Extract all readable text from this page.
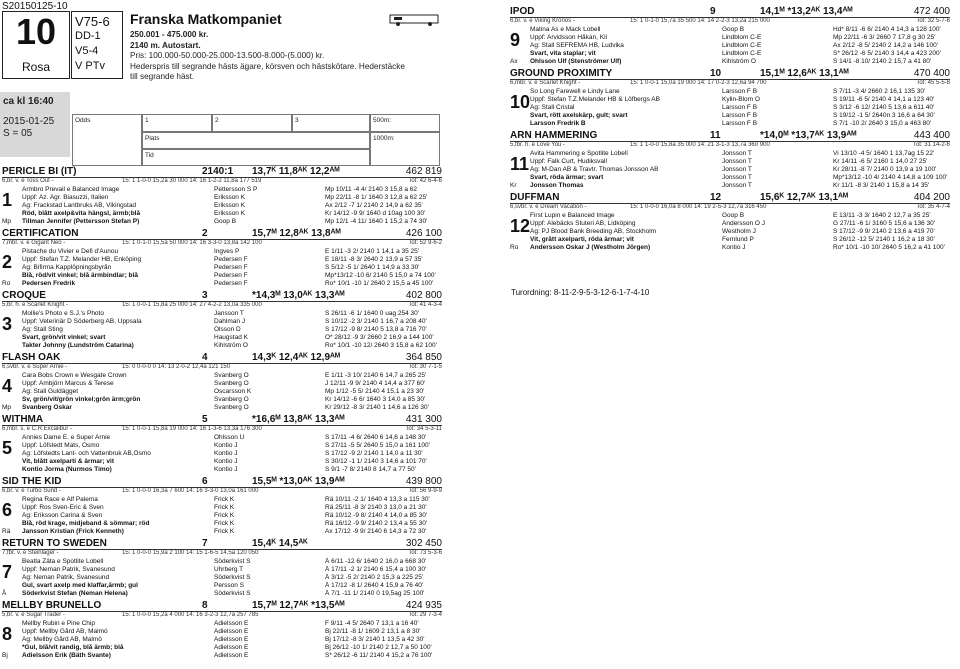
S20150125-10
10
Rosa
V75-6
DD-1
V5-4
V PTv
Franska Matkompaniet
250.001 - 475.000 kr.
2140 m. Autostart.
Pris: 100.000-50.000-25.000-13.500-8.000-(5.000) kr.
Hederspris till segrande hästs ägare, körsven och hästskötare. Hederstäcke
till segrande häst.
ca kl 16:40
2015-01-25
S = 05
Odds	1	2	3	500m:
Plats	1000m:
Tid
PERICLE BI (IT)	2140:1 13,7ᴷ 11,8ᴬᴷ 12,2ᴬᴹ	462 819
6,br. v. e Toss Out -	15: 1 1-0-0 15,2a 30 000 14: 16 1-2-2 11,8a 177 519	Tot: 42 6-4-6
1
Armbro Prevail e Balanced Image	Pettersson S P	Mp 10/11 -4 4/ 2140 3 15,8 a 62
Uppf: Az. Agr. Biasuzzi, Italien	Eriksson K	Mp 22/11 -8 1/ 1640 3 12,8 a 62 25'
Äg: Frackstad Lantbruks AB, Vikingstad	Eriksson K	Ax 2/12 -7 1/ 2140 2 14,9 a 62 35'
Röd, blått axelp&vita hängsl, ärmb;blå	Eriksson K	Kr 14/12 -9 9/ 1640 d 10ag 100 30'
Mp	Tillman Jennifer (Pettersson Stefan P)	Goop B	Mp 12/1 -4 11/ 1640 1 15,2 a 74 30'
CERTIFICATION	2	15,7ᴹ 12,8ᴬᴷ 13,8ᴬᴹ	426 100
7,mbr. v. e Gigant Neo -	15: 1 0-1-0 15,5a 50 000 14: 16 3-3-0 13,8a 142 100	Tot: 52 9-6-2
2
Pistache du Vivier e Defi d'Aunou	Ingves P	E 1/11 -3 2/ 2140 1 14,1 a 35 25'
Uppf: Stefan T.Z. Melander HB, Enköping	Pedersen F	E 18/11 -8 3/ 2640 2 13,9 a 57 35'
Äg: Bifirma Kapplöpningsbyrån	Pedersen F	S 5/12 -5 1/ 2640 1 14,9 a 33 30'
Blå, röd/vit vinkel; blå ärmbindlar; blå	Pedersen F	Mp*13/12 -10 6/ 2140 5 15,0 a 74 100'
Ro	Pedersen Fredrik	Pedersen F	Ro* 10/1 -10 1/ 2640 2 15,5 a 45 100'
CROQUE	3	*14,3ᴹ 13,0ᴬᴷ 13,3ᴬᴹ	402 800
5,br. h. e Scarlet Knight -	15: 1 0-0-1 15,8a 25 000 14: 27 4-2-2 13,0a 335 000	Tot: 41 4-3-4
3
Mollie's Photo e S.J.'s Photo	Jansson T	S 26/11 -6 1/ 1640 0 uag 254 30'
Uppf: Veterinär D Söderberg AB, Uppsala	Dahlman J	S 10/12 -2 3/ 2140 1 16,7 a 208 40'
Äg: Stall Sting	Olsson D	S 17/12 -9 8/ 2140 5 13,8 a 716 70'
Svart, grön/vit vinkel; svart	Haugstad K	Ö* 28/12 -9 3/ 2660 2 16,9 a 144 100'
Takter Johnny (Lundström Catarina)	Kihlström Ö	Ro* 10/1 -10 12/ 2640 3 15,8 a 62 100'
FLASH OAK	4	14,3ᴷ 12,4ᴬᴷ 12,9ᴬᴹ	364 850
6,svbr. v. e Super Arnie -	15: 0 0-0-0 0 14: 13 2-0-2 12,4a 121 150	Tot: 30 7-1-5
4
Cara Bobs Crown e Wesgate Crown	Svanberg O	E 1/11 -3 10/ 2140 6 14,7 a 265 25'
Uppf: Ambjörn Marcus & Terese	Svanberg O	J 12/11 -9 9/ 2140 4 14,4 a 377 60'
Äg: Stall Guldägget	Oscarsson K	Mp 1/12 -5 5/ 2140 4 15,1 a 23 30'
Sv, grön/vit/grön vinkel;grön ärm;grön	Svanberg O	Kr 14/12 -6 6/ 1640 3 14,0 a 85 30'
Mp	Svanberg Oskar	Svanberg O	Kr 29/12 -8 3/ 2140 1 14,6 a 126 30'
WITHMA	5	*16,6ᴹ 13,8ᴬᴷ 13,3ᴬᴹ	431 300
6,mbr. s. e C.R.Excalibur -	15: 1 0-0-1 15,8a 19 000 14: 16 1-3-6 13,3a 176 300	Tot: 34 5-3-11
5
Annies Dame E. e Super Arnie	Ohlsson U	S 17/11 -4 6/ 2640 6 14,6 a 148 30'
Uppf: Löfstedt Mats, Osmo	Kontio J	S 27/11 -5 5/ 2640 5 15,0 a 161 100'
Äg: Löfstedts Lant- och Vattenbruk AB,Ösmo	Kontio J	S 17/12 -9 2/ 2140 1 14,0 a 11 30'
Vit, blått axelparti & ärmar; vit	Kontio J	S 30/12 -1 1/ 2140 3 14,6 a 101 70'
Kontio Jorma (Nurmos Timo)	Kontio J	S 9/1 -7 8/ 2140 8 14,7 a 77 50'
SID THE KID	6	15,5ᴹ *13,0ᴬᴷ 13,9ᴬᴹ	439 800
6,br. v. e Turbo Sund -	15: 1 0-0-0 16,3a 7 600 14: 16 3-3-0 13,0a 161 000	Tot: 56 9-9-9
6
Regina Race e Alf Palema	Frick K	Rä 10/11 -2 1/ 1640 4 13,3 a 115 30'
Uppf: Ros Sven-Eric & Sven	Frick K	Rä 25/11 -8 3/ 2140 3 13,0 a 21 30'
Äg: Eriksson Carina & Sven	Frick K	Rä 10/12 -9 8/ 2140 4 14,0 a 85 30'
Blå, röd krage, midjeband & sömmar; röd	Frick K	Rä 16/12 -9 9/ 2140 2 13,4 a 55 30'
Rä	Jansson Kristian (Frick Kenneth)	Frick K	Ax 17/12 -9 9/ 2140 6 14,3 a 72 30'
RETURN TO SWEDEN	7	15,4ᴷ 14,5ᴬᴷ	302 450
7,fbr. v. e Steinlager -	15: 1 0-0-0 15,9a 2 100 14: 15 1-6-5 14,5a 120 050	Tot: 73 5-3-6
7
Beatla Zäta e Spotlite Lobell	Söderkvist S	Å 6/11 -12 6/ 1640 2 16,0 a 668 30'
Uppf: Neman Patrik, Svanesund	Uhrberg T	Å 17/11 -2 1/ 2140 6 15,4 a 100 30'
Äg: Neman Patrik, Svanesund	Söderkvist S	Å 3/12 -5 2/ 2140 2 15,3 a 225 25'
Gul, svart axelp med klaffar,ärmb; gul	Persson S	Å 17/12 -8 1/ 2640 4 15,9 a 76 40'
Å	Söderkvist Stefan (Neman Helena)	Söderkvist S	Å 7/1 -11 1/ 2140 0 19,5ag 25 100'
MELLBY BRUNELLO	8	15,7ᴹ 12,7ᴬᴷ *13,5ᴬᴹ	424 935
5,br. v. e Sugar Trader -	15: 1 0-0-0 15,2a 4 000 14: 16 3-2-3 12,7a 257 785	Tot: 29 7-3-4
8
Mellby Rubin e Pine Chip	Adielsson E	F 9/11 -4 5/ 2640 7 13,1 a 16 40'
Uppf: Mellby Gård AB, Malmö	Adielsson E	Bj 22/11 -8 1/ 1609 2 13,1 a 8 30'
Äg: Mellby Gård AB, Malmö	Adielsson E	Bj 17/12 -8 3/ 2140 1 13,5 a 42 30'
*Gul, blå/vit randig, blå ärmb; blå	Adielsson E	Bj 26/12 -10 1/ 2140 2 12,7 a 50 100'
Bj	Adielsson Erik (Bäth Svante)	Adielsson E	S* 26/12 -6 11/ 2140 4 15,2 a 76 100'
IPOD	9	14,1ᴹ *13,2ᴬᴷ 13,4ᴬᴹ	472 400
6,br. v. e Viking Kronos -	15: 1 0-1-0 15,7a 35 500 14: 14 2-2-3 13,2a 215 000	Tot: 32 5-7-6
9
Matina As e Mack Lobell	Goop B	Hd* 8/11 -6 6/ 2140 4 14,3 a 128 100'
Uppf: Arvidsson Håkan, Kil	Lindblom C-E	Mp 22/11 -6 3/ 2660 7 17,8 g 30 25'
Äg: Stall SEFREMA HB, Ludvika	Lindblom C-E	Ax 2/12 -8 5/ 2140 2 14,2 a 146 100'
Svart, vita staplar; vit	Lindblom C-E	S* 26/12 -6 5/ 2140 3 14,4 a 423 200'
Ax	Ohlsson Ulf (Stenströmer Ulf)	Kihlström Ö	S 14/1 -8 10/ 2140 2 15,7 a 41 80'
GROUND PROXIMITY	10	15,1ᴹ 12,6ᴬᴷ 13,1ᴬᴹ	470 400
6,mbr. v. e Scarlet Knight -	15: 1 0-0-1 15,0a 19 000 14: 17 0-2-3 12,6a 94 700	Tot: 45 5-5-8
10
So Long Farewell e Lindy Lane	Larsson F B	S 7/11 -3 4/ 2660 2 16,1 135 30'
Uppf: Stefan T.Z.Melander HB & Löfbergs AB	Kylin-Blom O	S 19/11 -6 5/ 2140 4 14,1 a 123 40'
Äg: Stall Cristal	Larsson F B	S 3/12 -6 12/ 2140 5 13,6 a 611 40'
Svart, rött axelskärp, gult; svart	Larsson F B	S 19/12 -1 5/ 2640n 3 16,6 a 64 30'
Larsson Fredrik B	Larsson F B	S 7/1 -10 2/ 2640 3 15,0 a 463 80'
ARN HAMMERING	11	*14,0ᴹ *13,7ᴬᴷ 13,9ᴬᴹ	443 400
5,fbr. h. e Love You -	15: 1 1-0-0 15,8a 35 000 14: 21 3-1-3 13,7a 360 900	Tot: 31 14-2-6
11
Avita Hammering e Spotlite Lobell	Jonsson T	Vi 13/10 -4 5/ 1640 1 13,7ag 15 22'
Uppf: Falk Curt, Hudiksvall	Jonsson T	Kr 14/11 -6 5/ 2160 1 14,0 27 25'
Äg: M-Dan AB & Travtr. Thomas Jonsson AB	Jonsson T	Kr 28/11 -8 7/ 2140 0 13,9 a 19 100'
Svart, röda ärmar; svart	Jonsson T	Mp*13/12 -10 4/ 2140 4 14,8 a 109 100'
Kr	Jonsson Thomas	Jonsson T	Kr 11/1 -8 3/ 2140 1 15,8 a 14 35'
DUFFMAN	12	15,6ᴷ 12,7ᴬᴷ 13,1ᴬᴹ	404 200
6,svbr. v. e Dream Vacation -	15: 1 0-0-0 16,0a 8 000 14: 19 2-5-3 12,7a 316 450	Tot: 35 4-7-4
12
First Lupin e Balanced Image	Goop B	E 13/11 -3 3/ 1640 2 12,7 a 35 25'
Uppf: Alebäcks Stuteri AB, Lidköping	Andersson O J	G 27/11 -6 1/ 3160 5 15,6 a 136 30'
Äg: PJ Blood Bank Breeding AB, Stockholm	Westholm J	S 17/12 -9 9/ 2140 2 13,6 a 419 70'
Vit, grått axelparti, röda ärmar; vit	Fernlund P	S 26/12 -12 5/ 2140 1 16,2 a 18 30'
Ro	Andersson Oskar J (Westholm Jörgen)	Kontio J	Ro* 10/1 -10 10/ 2640 5 16,2 a 41 100'
Turordning: 8-11-2-9-5-3-12-6-1-7-4-10
